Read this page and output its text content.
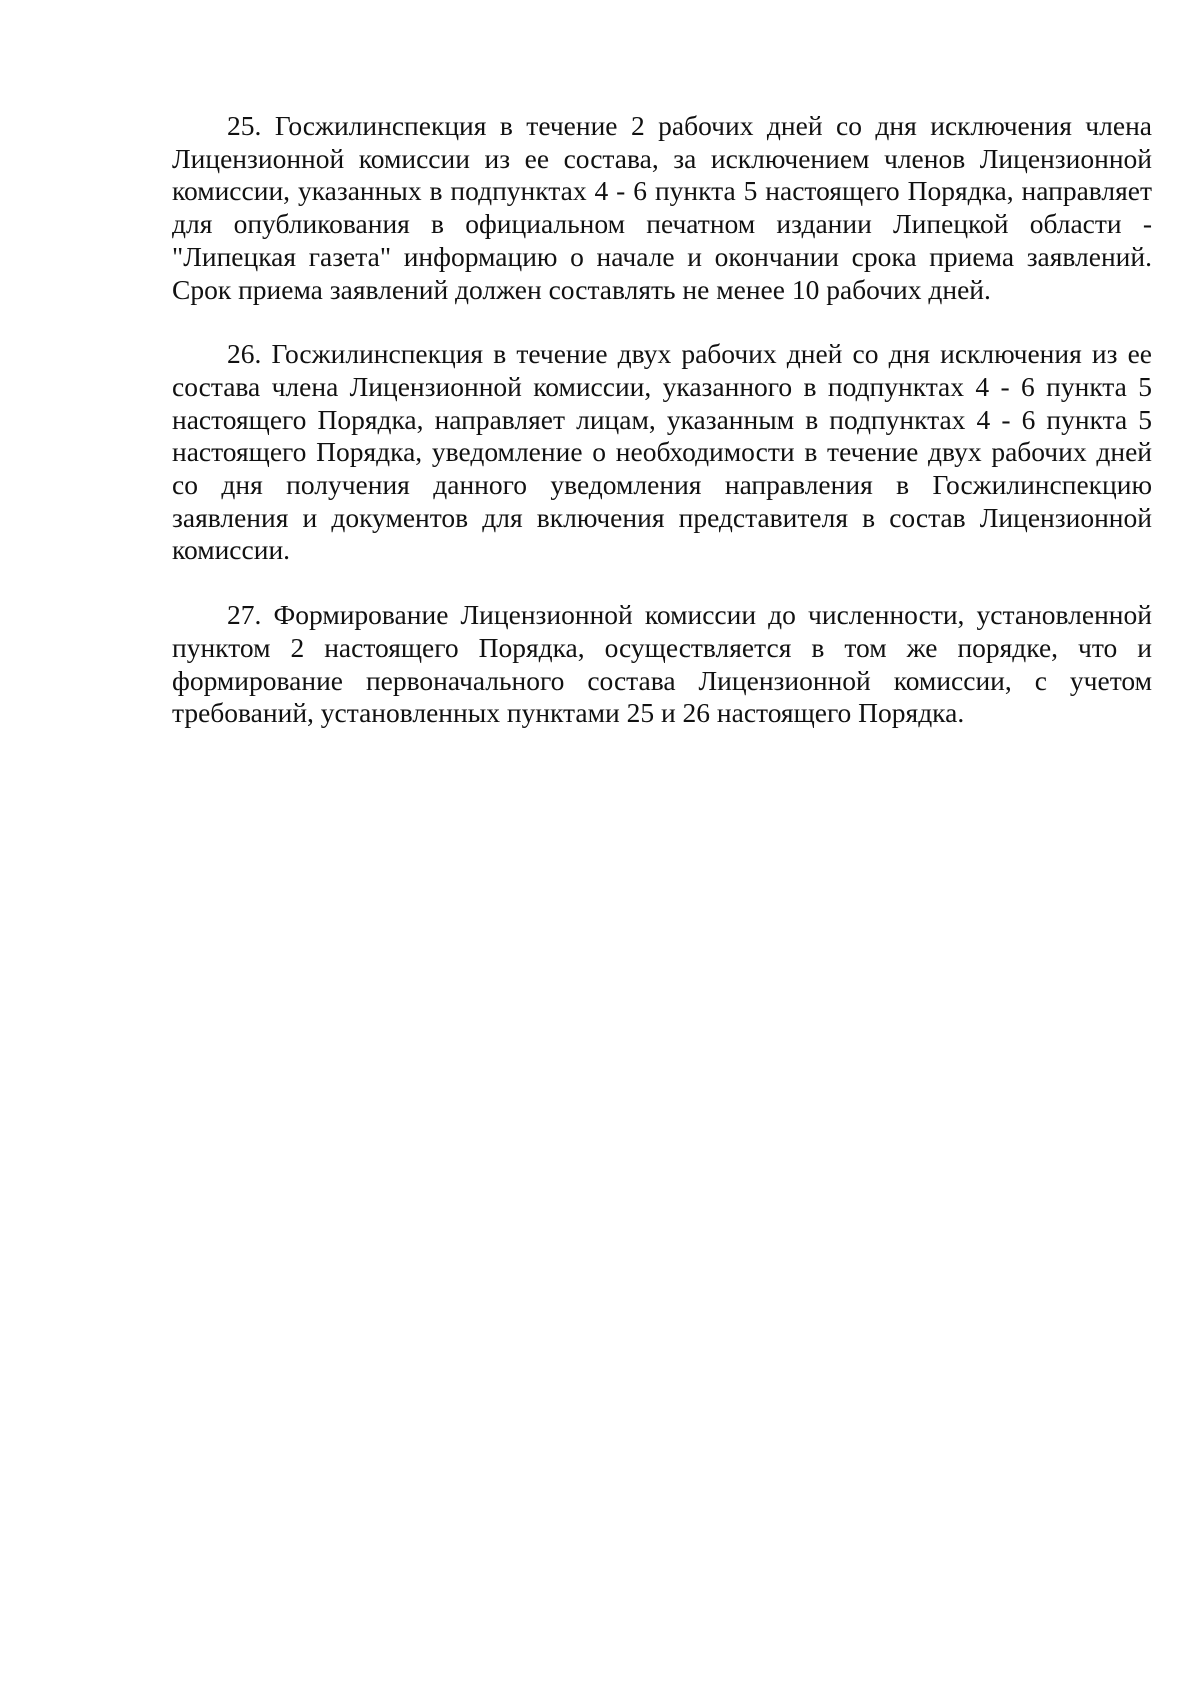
25. Госжилинспекция в течение 2 рабочих дней со дня исключения члена Лицензионной комиссии из ее состава, за исключением членов Лицензионной комиссии, указанных в подпунктах 4 - 6 пункта 5 настоящего Порядка, направляет для опубликования в официальном печатном издании Липецкой области - "Липецкая газета" информацию о начале и окончании срока приема заявлений. Срок приема заявлений должен составлять не менее 10 рабочих дней.

26. Госжилинспекция в течение двух рабочих дней со дня исключения из ее состава члена Лицензионной комиссии, указанного в подпунктах 4 - 6 пункта 5 настоящего Порядка, направляет лицам, указанным в подпунктах 4 - 6 пункта 5 настоящего Порядка, уведомление о необходимости в течение двух рабочих дней со дня получения данного уведомления направления в Госжилинспекцию заявления и документов для включения представителя в состав Лицензионной комиссии.

27. Формирование Лицензионной комиссии до численности, установленной пунктом 2 настоящего Порядка, осуществляется в том же порядке, что и формирование первоначального состава Лицензионной комиссии, с учетом требований, установленных пунктами 25 и 26 настоящего Порядка.
